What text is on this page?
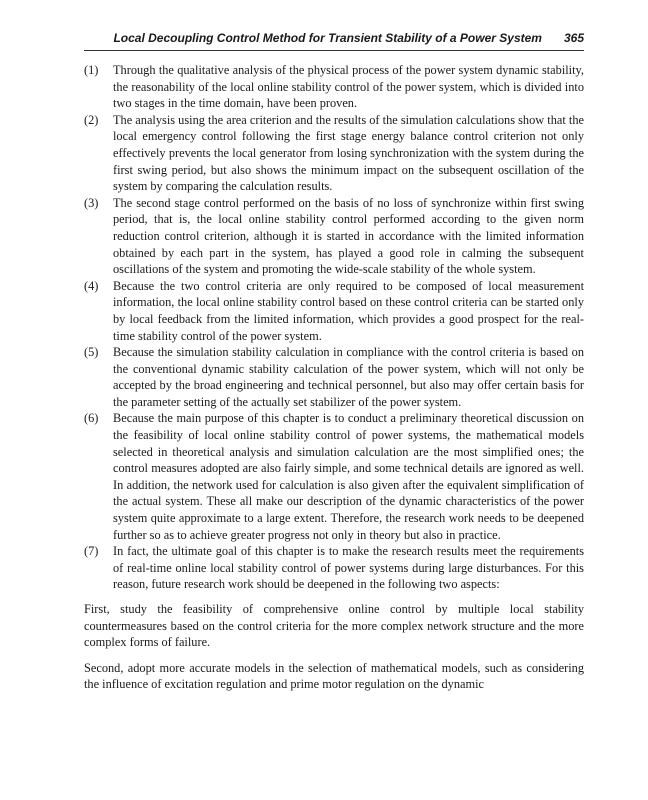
Local Decoupling Control Method for Transient Stability of a Power System 365
(1)	Through the qualitative analysis of the physical process of the power system dynamic stability, the reasonability of the local online stability control of the power system, which is divided into two stages in the time domain, have been proven.
(2)	The analysis using the area criterion and the results of the simulation calculations show that the local emergency control following the first stage energy balance control criterion not only effectively prevents the local generator from losing synchronization with the system during the first swing period, but also shows the minimum impact on the subsequent oscillation of the system by comparing the calculation results.
(3)	The second stage control performed on the basis of no loss of synchronize within first swing period, that is, the local online stability control performed according to the given norm reduction control criterion, although it is started in accordance with the limited information obtained by each part in the system, has played a good role in calming the subsequent oscillations of the system and promoting the wide-scale stability of the whole system.
(4)	Because the two control criteria are only required to be composed of local measurement information, the local online stability control based on these control criteria can be started only by local feedback from the limited information, which provides a good prospect for the real-time stability control of the power system.
(5)	Because the simulation stability calculation in compliance with the control criteria is based on the conventional dynamic stability calculation of the power system, which will not only be accepted by the broad engineering and technical personnel, but also may offer certain basis for the parameter setting of the actually set stabilizer of the power system.
(6)	Because the main purpose of this chapter is to conduct a preliminary theoretical discussion on the feasibility of local online stability control of power systems, the mathematical models selected in theoretical analysis and simulation calculation are the most simplified ones; the control measures adopted are also fairly simple, and some technical details are ignored as well. In addition, the network used for calculation is also given after the equivalent simplification of the actual system. These all make our description of the dynamic characteristics of the power system quite approximate to a large extent. Therefore, the research work needs to be deepened further so as to achieve greater progress not only in theory but also in practice.
(7)	In fact, the ultimate goal of this chapter is to make the research results meet the requirements of real-time online local stability control of power systems during large disturbances. For this reason, future research work should be deepened in the following two aspects:

First, study the feasibility of comprehensive online control by multiple local stability countermeasures based on the control criteria for the more complex network structure and the more complex forms of failure.

Second, adopt more accurate models in the selection of mathematical models, such as considering the influence of excitation regulation and prime motor regulation on the dynamic
